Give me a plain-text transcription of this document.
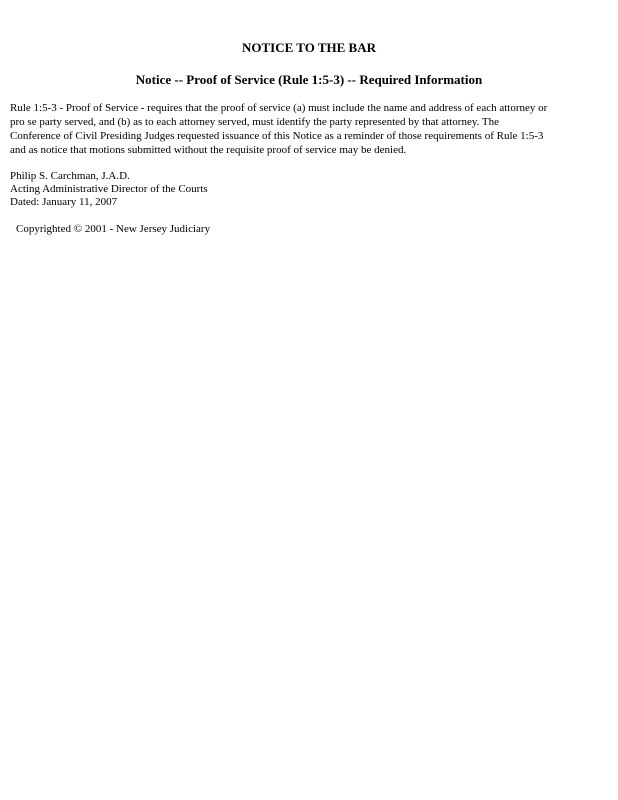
NOTICE TO THE BAR
Notice -- Proof of Service (Rule 1:5-3) -- Required Information

Rule 1:5-3 - Proof of Service - requires that the proof of service (a) must include the name and address of each attorney or
pro se party served, and (b) as to each attorney served, must identify the party represented by that attorney. The
Conference of Civil Presiding Judges requested issuance of this Notice as a reminder of those requirements of Rule 1:5-3
and as notice that motions submitted without the requisite proof of service may be denied.

Philip S. Carchman, J.A.D.
Acting Administrative Director of the Courts
Dated: January 11, 2007

Copyrighted © 2001 - New Jersey Judiciary
